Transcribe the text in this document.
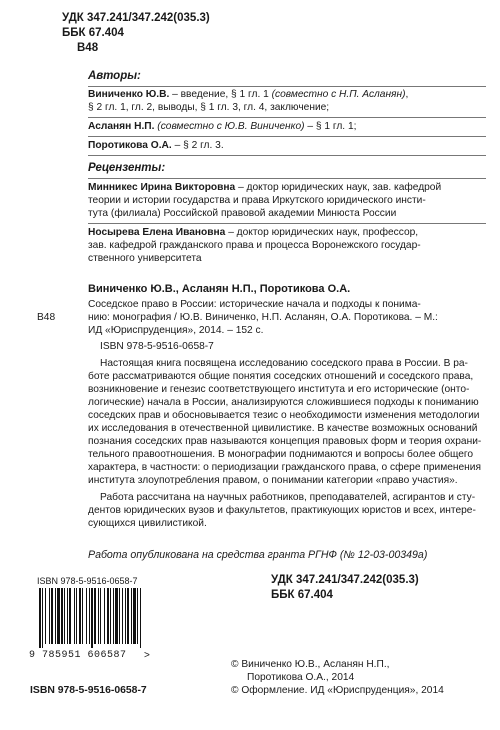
УДК 347.241/347.242(035.3)
ББК 67.404
В48
Авторы:
Виниченко Ю.В. – введение, § 1 гл. 1 (совместно с Н.П. Асланян),
§ 2 гл. 1, гл. 2, выводы, § 1 гл. 3, гл. 4, заключение;
Асланян Н.П. (совместно с Ю.В. Виниченко) – § 1 гл. 1;
Поротикова О.А. – § 2 гл. 3.
Рецензенты:
Минникес Ирина Викторовна – доктор юридических наук, зав. кафедрой
теории и истории государства и права Иркутского юридического инсти-
тута (филиала) Российской правовой академии Минюста России
Носырева Елена Ивановна – доктор юридических наук, профессор,
зав. кафедрой гражданского права и процесса Воронежского государ-
ственного университета
Виниченко Ю.В., Асланян Н.П., Поротикова О.А.
В48
Соседское право в России: исторические начала и подходы к понима-
нию: монография / Ю.В. Виниченко, Н.П. Асланян, О.А. Поротикова. – М.:
ИД «Юриспруденция», 2014. – 152 с.
ISBN 978-5-9516-0658-7
Настоящая книга посвящена исследованию соседского права в России. В ра-
боте рассматриваются общие понятия соседских отношений и соседского права,
возникновение и генезис соответствующего института и его исторические (онто-
логические) начала в России, анализируются сложившиеся подходы к пониманию
соседских прав и обосновывается тезис о необходимости изменения методологии
их исследования в отечественной цивилистике. В качестве возможных оснований
познания соседских прав называются концепция правовых форм и теория охрани-
тельного правоотношения. В монографии поднимаются и вопросы более общего
характера, в частности: о периодизации гражданского права, о сфере применения
института злоупотребления правом, о понимании категории «право участия».
Работа рассчитана на научных работников, преподавателей, асгирантов и сту-
дентов юридических вузов и факультетов, практикующих юристов и всех, интере-
сующихся цивилистикой.
Работа опубликована на средства гранта РГНФ (№ 12-03-00349а)
ISBN 978-5-9516-0658-7
9 785951 606587 >
ISBN 978-5-9516-0658-7
УДК 347.241/347.242(035.3)
ББК 67.404
© Виниченко Ю.В., Асланян Н.П.,
Поротикова О.А., 2014
© Оформление. ИД «Юриспруденция», 2014
